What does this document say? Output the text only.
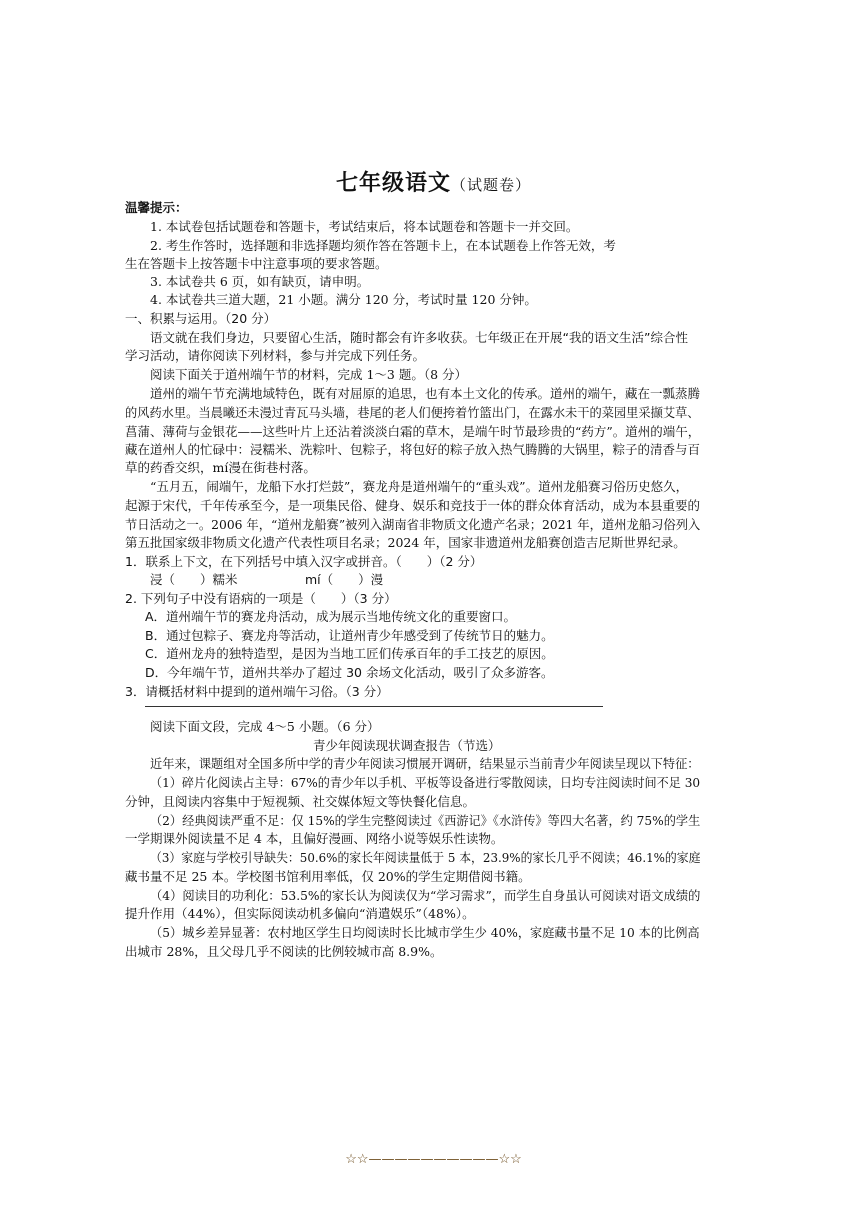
七年级语文（试题卷）
温馨提示：
1. 本试卷包括试题卷和答题卡，考试结束后，将本试题卷和答题卡一并交回。
2. 考生作答时，选择题和非选择题均须作答在答题卡上，在本试题卷上作答无效，考
生在答题卡上按答题卡中注意事项的要求答题。
3. 本试卷共 6 页，如有缺页，请申明。
4. 本试卷共三道大题，21 小题。满分 120 分，考试时量 120 分钟。
一、积累与运用。（20 分）
语文就在我们身边，只要留心生活，随时都会有许多收获。七年级正在开展“我的语文生活”综合性
学习活动，请你阅读下列材料，参与并完成下列任务。
阅读下面关于道州端午节的材料，完成 1～3 题。（8 分）
道州的端午节充满地域特色，既有对屈原的追思，也有本土文化的传承。道州的端午，藏在一瓢蒸腾
的风药水里。当晨曦还未漫过青瓦马头墙，巷尾的老人们便挎着竹篮出门，在露水未干的菜园里采撷艾草、
菖蒲、薄荷与金银花——这些叶片上还沾着淡淡白霜的草木，是端午时节最珍贵的“药方”。道州的端午，
藏在道州人的忙碌中：浸糯米、洗粽叶、包粽子，将包好的粽子放入热气腾腾的大锅里，粽子的清香与百
草的药香交织，mí漫在街巷村落。
“五月五，闹端午，龙船下水打烂鼓”，赛龙舟是道州端午的“重头戏”。道州龙船赛习俗历史悠久，
起源于宋代，千年传承至今，是一项集民俗、健身、娱乐和竞技于一体的群众体育活动，成为本县重要的
节日活动之一。2006 年，“道州龙船赛”被列入湖南省非物质文化遗产名录；2021 年，道州龙船习俗列入
第五批国家级非物质文化遗产代表性项目名录；2024 年，国家非遗道州龙船赛创造吉尼斯世界纪录。
1．联系上下文，在下列括号中填入汉字或拼音。（　　）（2 分）
浸（　　）糯米	mí（　　）漫
2. 下列句子中没有语病的一项是（　　）（3 分）
A．道州端午节的赛龙舟活动，成为展示当地传统文化的重要窗口。
B．通过包粽子、赛龙舟等活动，让道州青少年感受到了传统节日的魅力。
C．道州龙舟的独特造型，是因为当地工匠们传承百年的手工技艺的原因。
D．今年端午节，道州共举办了超过 30 余场文化活动，吸引了众多游客。
3．请概括材料中提到的道州端午习俗。（3 分）
阅读下面文段，完成 4～5 小题。（6 分）
青少年阅读现状调查报告（节选）
近年来，课题组对全国多所中学的青少年阅读习惯展开调研，结果显示当前青少年阅读呈现以下特征：
（1）碎片化阅读占主导：67%的青少年以手机、平板等设备进行零散阅读，日均专注阅读时间不足 30
分钟，且阅读内容集中于短视频、社交媒体短文等快餐化信息。
（2）经典阅读严重不足：仅 15%的学生完整阅读过《西游记》《水浒传》等四大名著，约 75%的学生
一学期课外阅读量不足 4 本，且偏好漫画、网络小说等娱乐性读物。
（3）家庭与学校引导缺失：50.6%的家长年阅读量低于 5 本，23.9%的家长几乎不阅读；46.1%的家庭
藏书量不足 25 本。学校图书馆利用率低，仅 20%的学生定期借阅书籍。
（4）阅读目的功利化：53.5%的家长认为阅读仅为“学习需求”，而学生自身虽认可阅读对语文成绩的
提升作用（44%），但实际阅读动机多偏向“消遣娱乐”（48%）。
（5）城乡差异显著：农村地区学生日均阅读时长比城市学生少 40%，家庭藏书量不足 10 本的比例高
出城市 28%，且父母几乎不阅读的比例较城市高 8.9%。
☆☆——————————☆☆
